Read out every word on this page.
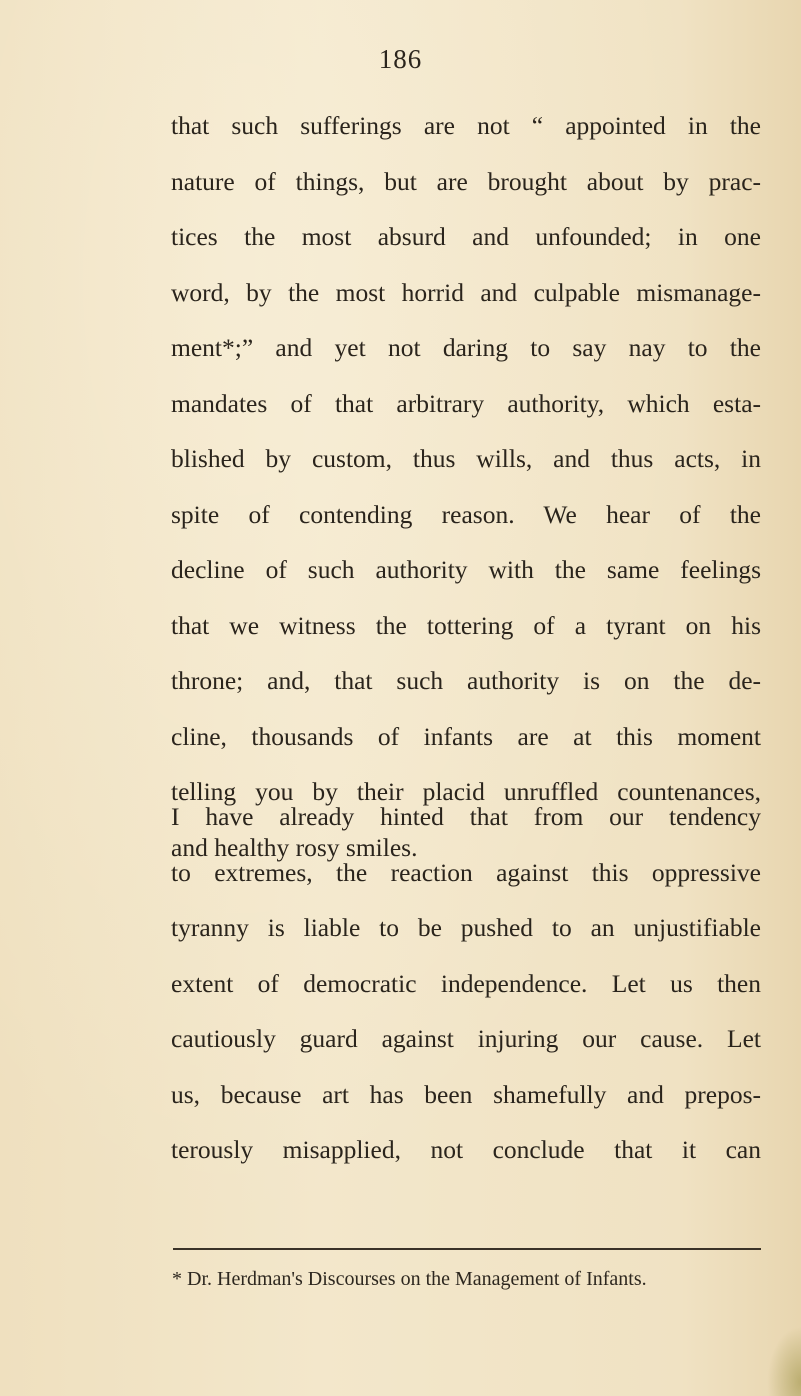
186
that such sufferings are not “ appointed in the
nature of things, but are brought about by prac-
tices the most absurd and unfounded; in one
word, by the most horrid and culpable mismanage-
ment*;” and yet not daring to say nay to the
mandates of that arbitrary authority, which esta-
blished by custom, thus wills, and thus acts, in
spite of contending reason. We hear of the
decline of such authority with the same feelings
that we witness the tottering of a tyrant on his
throne; and, that such authority is on the de-
cline, thousands of infants are at this moment
telling you by their placid unruffled countenances,
and healthy rosy smiles.
I have already hinted that from our tendency
to extremes, the reaction against this oppressive
tyranny is liable to be pushed to an unjustifiable
extent of democratic independence. Let us then
cautiously guard against injuring our cause. Let
us, because art has been shamefully and prepos-
terously misapplied, not conclude that it can
* Dr. Herdman's Discourses on the Management of Infants.
